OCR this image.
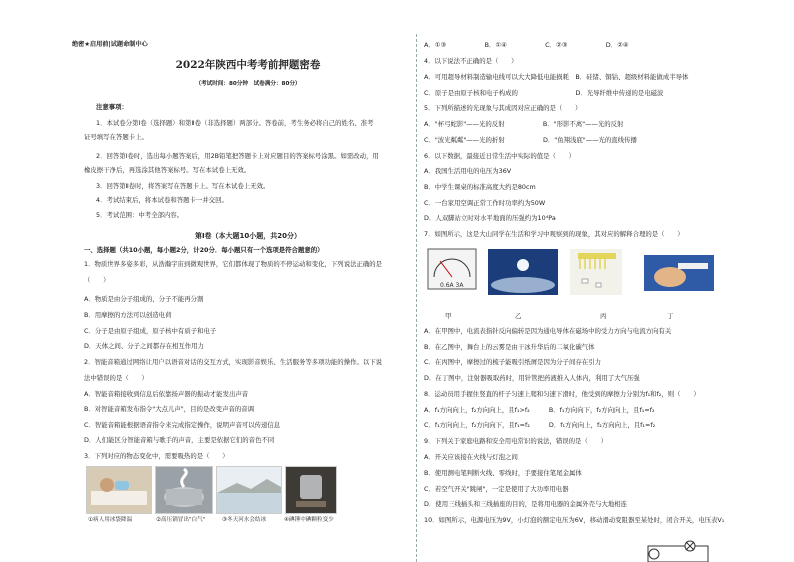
绝密★启用前|试题命制中心
2022年陕西中考考前押题密卷
（考试时间：80分钟　试卷满分：80分）
注意事项：
1．本试卷分第Ⅰ卷（选择题）和第Ⅱ卷（非选择题）两部分。答卷前，考生务必将自己的姓名、准考
证号填写在答题卡上。
2．回答第Ⅰ卷时，选出每小题答案后，用2B铅笔把答题卡上对应题目的答案标号涂黑。如需改动，用
橡皮擦干净后，再选涂其他答案标号。写在本试卷上无效。
3．回答第Ⅱ卷时，将答案写在答题卡上。写在本试卷上无效。
4．考试结束后，将本试卷和答题卡一并交回。
5．考试范围：中考全部内容。
第Ⅰ卷（本大题10小题，共20分）
一、选择题（共10小题，每小题2分，计20分．每小题只有一个选项是符合题意的）
1．物质世界多姿多彩，从浩瀚宇宙到微观世界，它们都体现了物质的不停运动和变化，下列说法正确的是
（　　）
A．物质是由分子组成的，分子不能再分割
B．用摩擦的方法可以创造电荷
C．分子是由原子组成，原子核中有质子和电子
D．天体之间、分子之间都存在相互作用力
2．智能音箱通过网络让用户以语音对话的交互方式，实现影音娱乐、生活服务等多项功能的操作。以下说
法中错误的是（　　）
A．智能音箱接收到信息后依靠扬声器的振动才能发出声音
B．对智能音箱发布指令"大点儿声"，目的是改变声音的音调
C．智能音箱能根据语音指令来完成指定操作，说明声音可以传递信息
D．人们能区分智能音箱与歌手的声音，主要是依据它们的音色不同
3．下列对应的物态变化中，需要吸热的是（　　）
①病人用冰袋降温	②高压锅冒出"白气"	③冬天河水会结冰	④碘锤中碘颗粒变少
A．①③　　　　　　B．①④　　　　　　C．②③　　　　　　D．②④
4．以下说法不正确的是（　　）
A．可用超导材料制造输电线可以大大降低电能损耗　B．硅锗、铜钴、超级材料能做成半导体
C．原子是由原子核和电子构成的　　　　　　　　　D．光导纤维中传递的是电磁波
5．下列所描述的光现象与其成因对应正确的是（　　）
A．"杯弓蛇影"——光的反射　　　　　　B．"形影不离"——光的反射
C．"波光粼粼"——光的折射　　　　　　D．"鱼翔浅底"——光的直线传播
6．以下数据，最接近日常生活中实际的值是（　　）
A．我国生活用电的电压为36V
B．中学生课桌的标准高度大约是80cm
C．一台家用空调正常工作时功率约为50W
D．人双脚站立时对水平地面的压强约为10⁴Pa
7．如图所示，这是大山同学在生活和学习中观察到的现象，其对应的解释合理的是（　　）
0.6A 3A
甲	乙	丙	丁
A．在甲图中，电流表指针反向偏转是因为通电导体在磁场中的受力方向与电流方向有关
B．在乙图中，舞台上的云雾是由干冰升华后的二氧化碳气体
C．在丙图中，摩擦过的梳子能吸引纸屑是因为分子间存在引力
D．在丁图中，注射器吸取药时，用针管把药液推入人体内，利用了大气压强
8．运动员用手握住竖直的杆子匀速上爬和匀速下滑时，他受到的摩擦力分别为f₁和f₂，则（　　）
A．f₁方向向上，f₂方向向上，且f₁>f₂　　　B．f₁方向向下，f₂方向向上，且f₁=f₂
C．f₁方向向上，f₂方向向下，且f₁=f₂　　　D．f₁方向向上，f₂方向向上，且f₁=f₂
9．下列关于家庭电路和安全用电常识的说法，错误的是（　　）
A．开关应该接在火线与灯泡之间
B．使用测电笔判断火线、零线时，手要接住笔尾金属体
C．若空气开关"跳闸"，一定是使用了大功率用电器
D．使用三线插头和三线插座的目的，是将用电器的金属外壳与大地相连
10．如图所示，电源电压为9V，小灯泡的额定电压为6V，移动滑动变阻器至某处时，闭合开关，电压表V₁
